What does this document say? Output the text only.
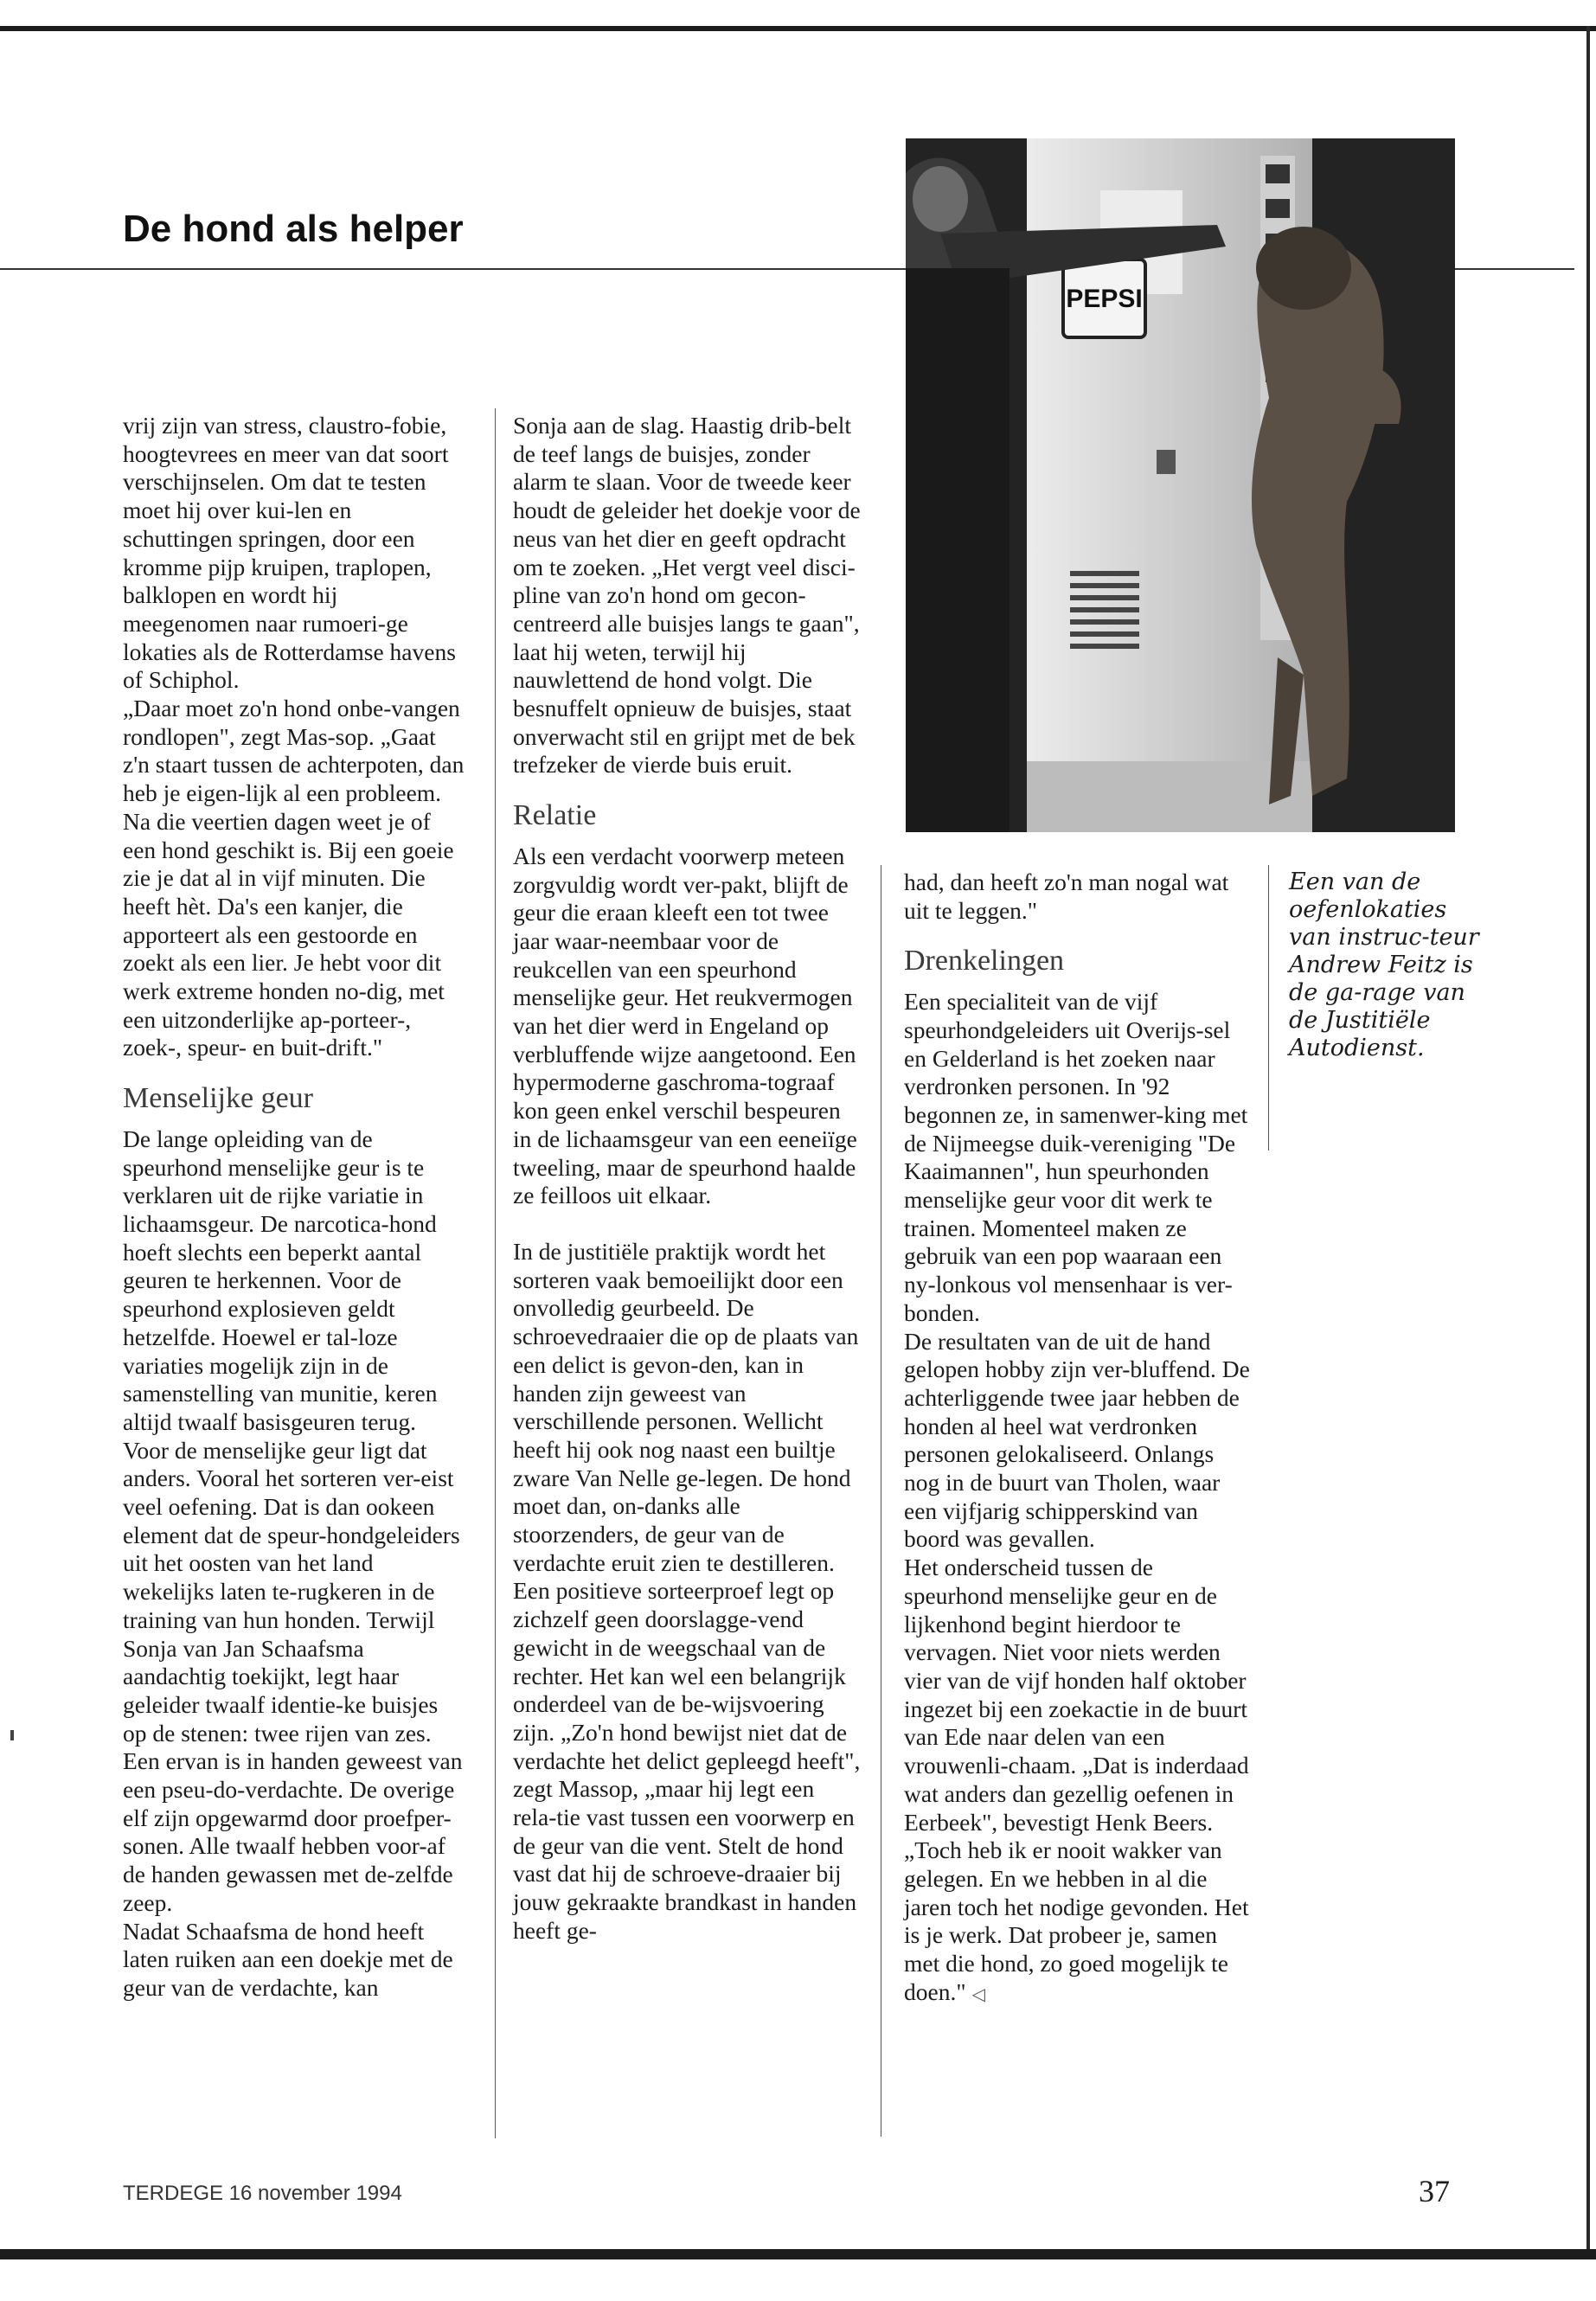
De hond als helper
PEPSI

vrij zijn van stress, claustro-fobie, hoogtevrees en meer van dat soort verschijnselen. Om dat te testen moet hij over kui-len en schuttingen springen, door een kromme pijp kruipen, traplopen, balklopen en wordt hij meegenomen naar rumoeri-ge lokaties als de Rotterdamse havens of Schiphol.

„Daar moet zo'n hond onbe-vangen rondlopen", zegt Mas-sop. „Gaat z'n staart tussen de achterpoten, dan heb je eigen-lijk al een probleem. Na die veertien dagen weet je of een hond geschikt is. Bij een goeie zie je dat al in vijf minuten. Die heeft hèt. Da's een kanjer, die apporteert als een gestoorde en zoekt als een lier. Je hebt voor dit werk extreme honden no-dig, met een uitzonderlijke ap-porteer-, zoek-, speur- en buit-drift."

Menselijke geur

De lange opleiding van de speurhond menselijke geur is te verklaren uit de rijke variatie in lichaamsgeur. De narcotica-hond hoeft slechts een beperkt aantal geuren te herkennen. Voor de speurhond explosieven geldt hetzelfde. Hoewel er tal-loze variaties mogelijk zijn in de samenstelling van munitie, keren altijd twaalf basisgeuren terug.

Voor de menselijke geur ligt dat anders. Vooral het sorteren ver-eist veel oefening. Dat is dan ookeen element dat de speur-hondgeleiders uit het oosten van het land wekelijks laten te-rugkeren in de training van hun honden. Terwijl Sonja van Jan Schaafsma aandachtig toekijkt, legt haar geleider twaalf identie-ke buisjes op de stenen: twee rijen van zes. Een ervan is in handen geweest van een pseu-do-verdachte. De overige elf zijn opgewarmd door proefper-sonen. Alle twaalf hebben voor-af de handen gewassen met de-zelfde zeep.

Nadat Schaafsma de hond heeft laten ruiken aan een doekje met de geur van de verdachte, kan

Sonja aan de slag. Haastig drib-belt de teef langs de buisjes, zonder alarm te slaan. Voor de tweede keer houdt de geleider het doekje voor de neus van het dier en geeft opdracht om te zoeken. „Het vergt veel disci-pline van zo'n hond om gecon-centreerd alle buisjes langs te gaan", laat hij weten, terwijl hij nauwlettend de hond volgt. Die besnuffelt opnieuw de buisjes, staat onverwacht stil en grijpt met de bek trefzeker de vierde buis eruit.

Relatie

Als een verdacht voorwerp meteen zorgvuldig wordt ver-pakt, blijft de geur die eraan kleeft een tot twee jaar waar-neembaar voor de reukcellen van een speurhond menselijke geur. Het reukvermogen van het dier werd in Engeland op verbluffende wijze aangetoond. Een hypermoderne gaschroma-tograaf kon geen enkel verschil bespeuren in de lichaamsgeur van een eeneiïge tweeling, maar de speurhond haalde ze feilloos uit elkaar.

In de justitiële praktijk wordt het sorteren vaak bemoeilijkt door een onvolledig geurbeeld. De schroevedraaier die op de plaats van een delict is gevon-den, kan in handen zijn geweest van verschillende personen. Wellicht heeft hij ook nog naast een builtje zware Van Nelle ge-legen. De hond moet dan, on-danks alle stoorzenders, de geur van de verdachte eruit zien te destilleren.

Een positieve sorteerproef legt op zichzelf geen doorslagge-vend gewicht in de weegschaal van de rechter. Het kan wel een belangrijk onderdeel van de be-wijsvoering zijn. „Zo'n hond bewijst niet dat de verdachte het delict gepleegd heeft", zegt Massop, „maar hij legt een rela-tie vast tussen een voorwerp en de geur van die vent. Stelt de hond vast dat hij de schroeve-draaier bij jouw gekraakte brandkast in handen heeft ge-

had, dan heeft zo'n man nogal wat uit te leggen."

Drenkelingen

Een specialiteit van de vijf speurhondgeleiders uit Overijs-sel en Gelderland is het zoeken naar verdronken personen. In '92 begonnen ze, in samenwer-king met de Nijmeegse duik-vereniging "De Kaaimannen", hun speurhonden menselijke geur voor dit werk te trainen. Momenteel maken ze gebruik van een pop waaraan een ny-lonkous vol mensenhaar is ver-bonden.

De resultaten van de uit de hand gelopen hobby zijn ver-bluffend. De achterliggende twee jaar hebben de honden al heel wat verdronken personen gelokaliseerd. Onlangs nog in de buurt van Tholen, waar een vijfjarig schipperskind van boord was gevallen.

Het onderscheid tussen de speurhond menselijke geur en de lijkenhond begint hierdoor te vervagen. Niet voor niets werden vier van de vijf honden half oktober ingezet bij een zoekactie in de buurt van Ede naar delen van een vrouwenli-chaam. „Dat is inderdaad wat anders dan gezellig oefenen in Eerbeek", bevestigt Henk Beers. „Toch heb ik er nooit wakker van gelegen. En we hebben in al die jaren toch het nodige gevonden. Het is je werk. Dat probeer je, samen met die hond, zo goed mogelijk te doen." ◁

Een van de oefenlokaties van instruc-teur Andrew Feitz is de ga-rage van de Justitiële Autodienst.
TERDEGE 16 november 1994	37
